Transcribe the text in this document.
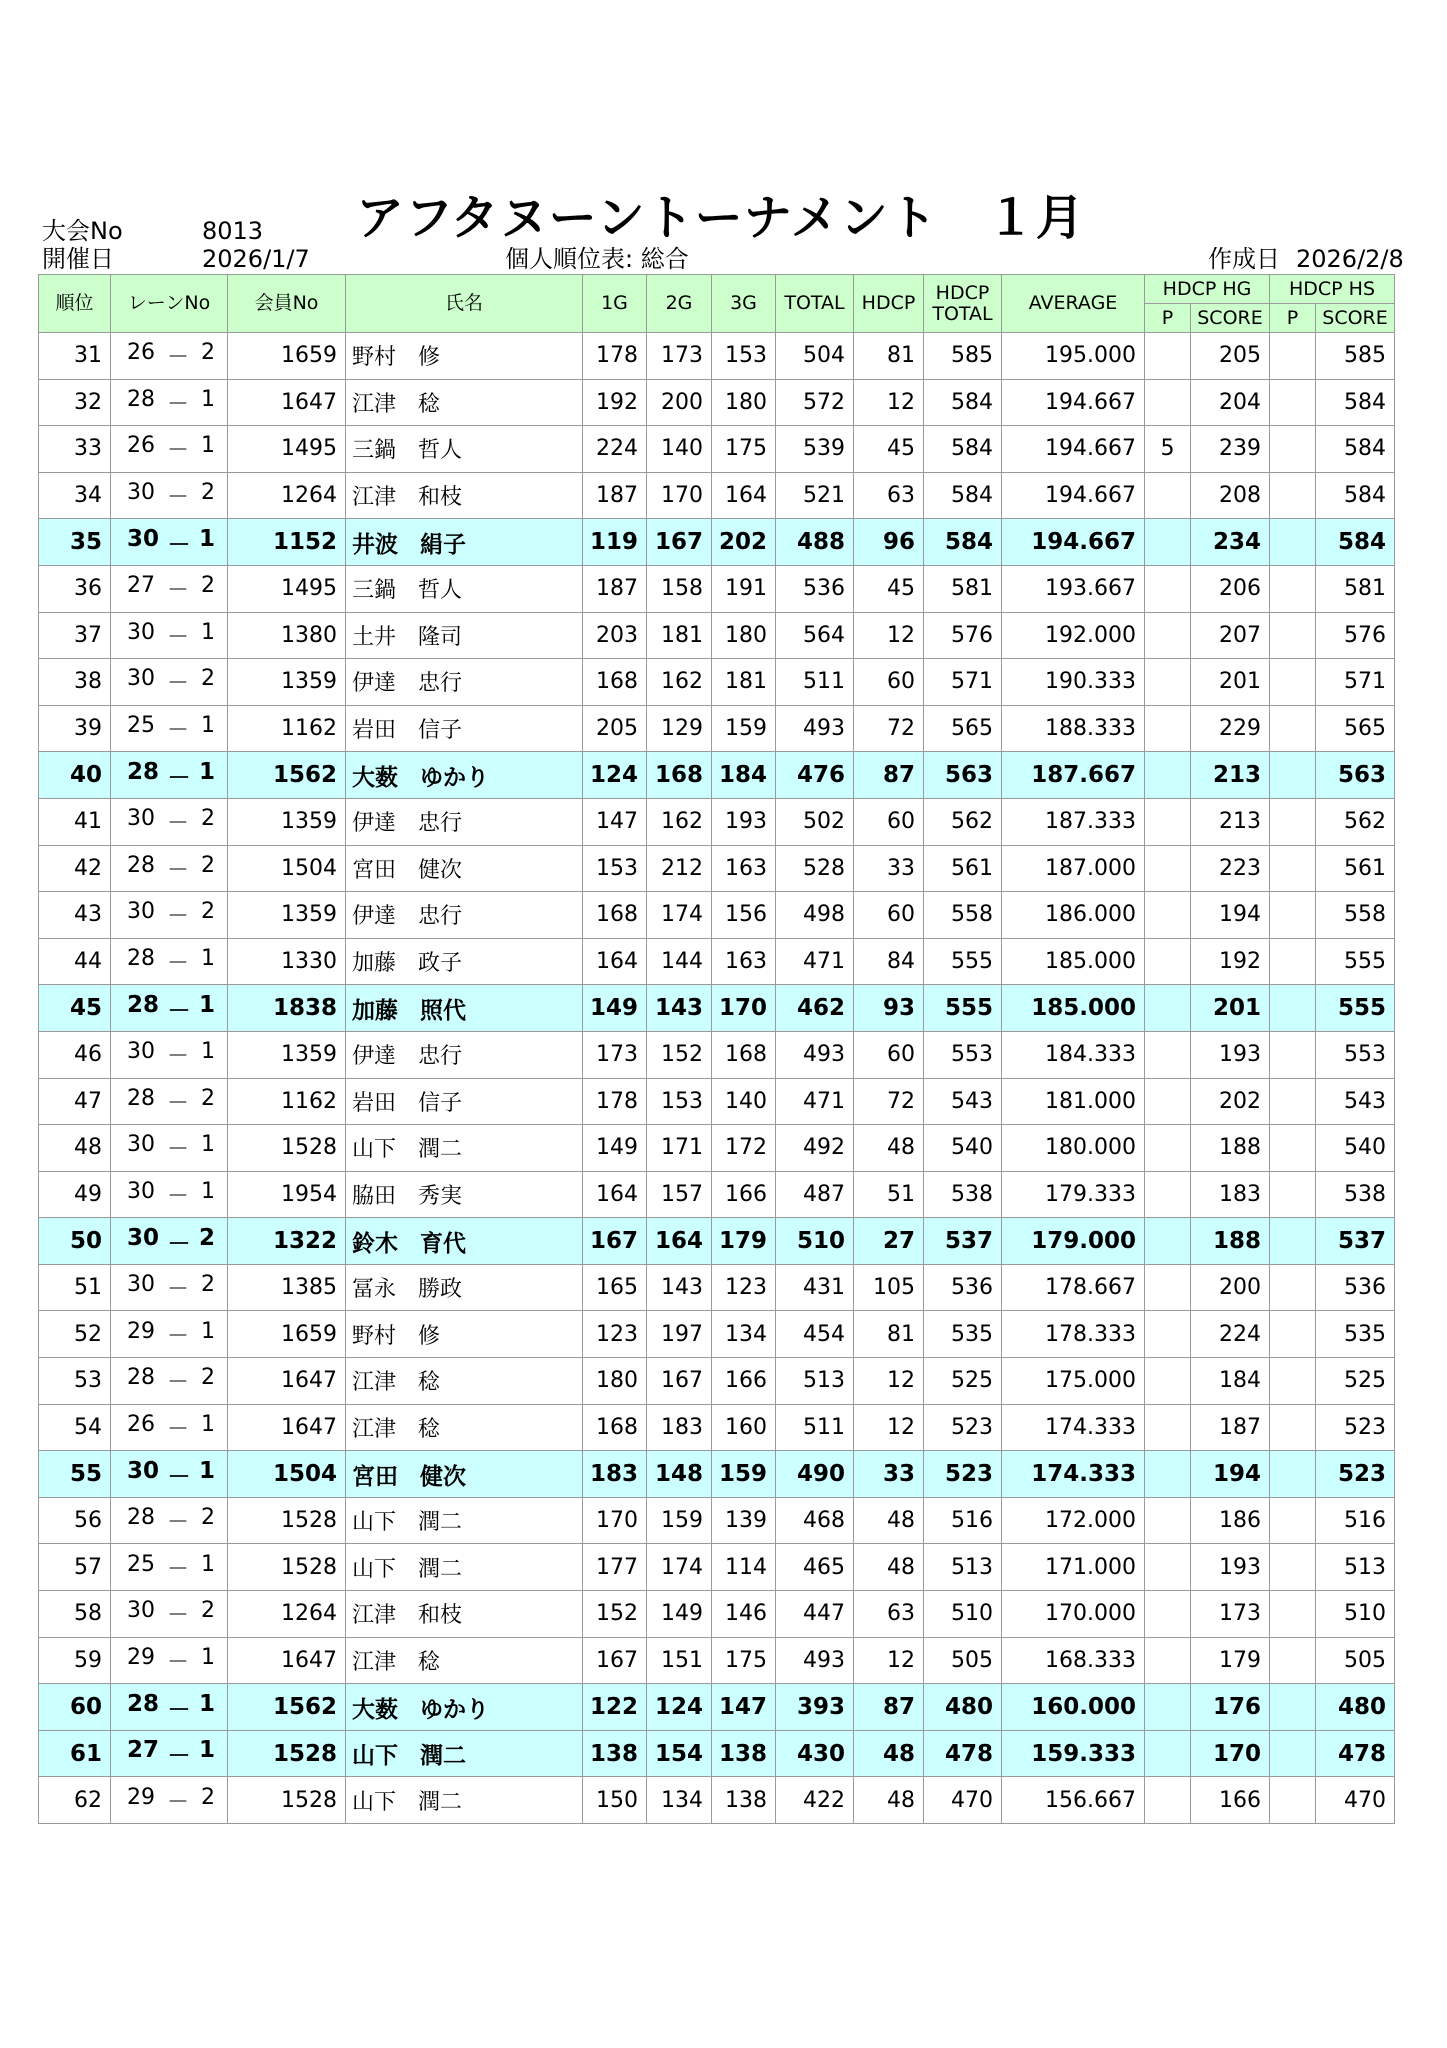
大会No	8013
開催日	2026/1/7
アフタヌーントーナメント　１月
個人順位表: 総合	作成日 2026/2/8
順位	レーンNo	会員No	氏名	1G	2G	3G	TOTAL	HDCP	HDCP
TOTAL	AVERAGE	HDCP HG		HDCP HS	
											P	SCORE	P	SCORE
31	26 － 2	1659	野村 修	178	173	153	504	81	585	195.000		205		585
32	28 － 1	1647	江津 稔	192	200	180	572	12	584	194.667		204		584
33	26 － 1	1495	三鍋 哲人	224	140	175	539	45	584	194.667	5	239		584
34	30 － 2	1264	江津 和枝	187	170	164	521	63	584	194.667		208		584
35	30 － 1	1152	井波 絹子	119	167	202	488	96	584	194.667		234		584
36	27 － 2	1495	三鍋 哲人	187	158	191	536	45	581	193.667		206		581
37	30 － 1	1380	土井 隆司	203	181	180	564	12	576	192.000		207		576
38	30 － 2	1359	伊達 忠行	168	162	181	511	60	571	190.333		201		571
39	25 － 1	1162	岩田 信子	205	129	159	493	72	565	188.333		229		565
40	28 － 1	1562	大薮 ゆかり	124	168	184	476	87	563	187.667		213		563
41	30 － 2	1359	伊達 忠行	147	162	193	502	60	562	187.333		213		562
42	28 － 2	1504	宮田 健次	153	212	163	528	33	561	187.000		223		561
43	30 － 2	1359	伊達 忠行	168	174	156	498	60	558	186.000		194		558
44	28 － 1	1330	加藤 政子	164	144	163	471	84	555	185.000		192		555
45	28 － 1	1838	加藤 照代	149	143	170	462	93	555	185.000		201		555
46	30 － 1	1359	伊達 忠行	173	152	168	493	60	553	184.333		193		553
47	28 － 2	1162	岩田 信子	178	153	140	471	72	543	181.000		202		543
48	30 － 1	1528	山下 潤二	149	171	172	492	48	540	180.000		188		540
49	30 － 1	1954	脇田 秀実	164	157	166	487	51	538	179.333		183		538
50	30 － 2	1322	鈴木 育代	167	164	179	510	27	537	179.000		188		537
51	30 － 2	1385	冨永 勝政	165	143	123	431	105	536	178.667		200		536
52	29 － 1	1659	野村 修	123	197	134	454	81	535	178.333		224		535
53	28 － 2	1647	江津 稔	180	167	166	513	12	525	175.000		184		525
54	26 － 1	1647	江津 稔	168	183	160	511	12	523	174.333		187		523
55	30 － 1	1504	宮田 健次	183	148	159	490	33	523	174.333		194		523
56	28 － 2	1528	山下 潤二	170	159	139	468	48	516	172.000		186		516
57	25 － 1	1528	山下 潤二	177	174	114	465	48	513	171.000		193		513
58	30 － 2	1264	江津 和枝	152	149	146	447	63	510	170.000		173		510
59	29 － 1	1647	江津 稔	167	151	175	493	12	505	168.333		179		505
60	28 － 1	1562	大薮 ゆかり	122	124	147	393	87	480	160.000		176		480
61	27 － 1	1528	山下 潤二	138	154	138	430	48	478	159.333		170		478
62	29 － 2	1528	山下 潤二	150	134	138	422	48	470	156.667		166		470
